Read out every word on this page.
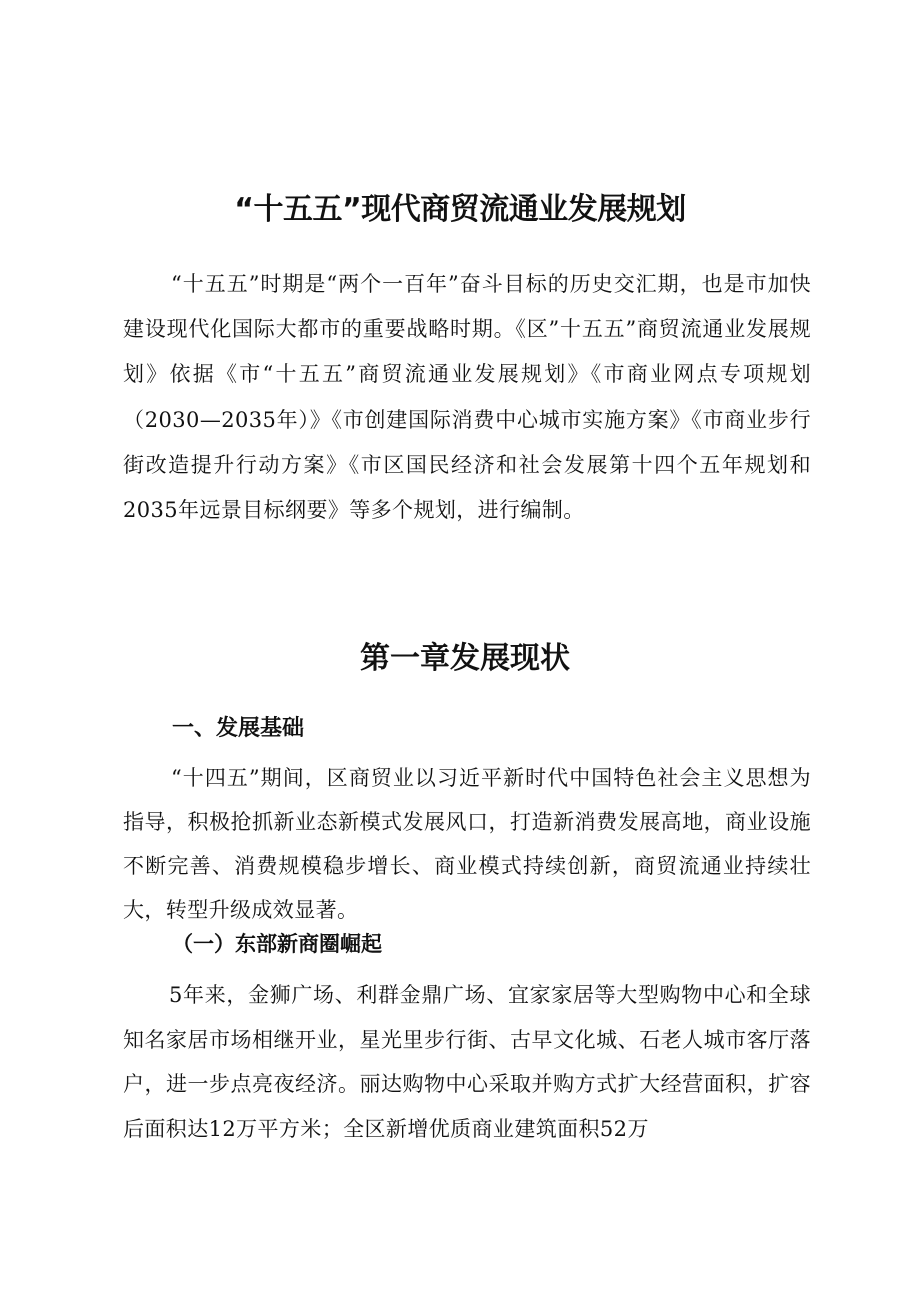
“十五五”现代商贸流通业发展规划

“十五五”时期是“两个一百年”奋斗目标的历史交汇期，也是市加快建设现代化国际大都市的重要战略时期。《区”十五五”商贸流通业发展规划》依据《市“十五五”商贸流通业发展规划》《市商业网点专项规划（2030—2035年）》《市创建国际消费中心城市实施方案》《市商业步行街改造提升行动方案》《市区国民经济和社会发展第十四个五年规划和2035年远景目标纲要》等多个规划，进行编制。

第一章发展现状
一、发展基础

“十四五”期间，区商贸业以习近平新时代中国特色社会主义思想为指导，积极抢抓新业态新模式发展风口，打造新消费发展高地，商业设施不断完善、消费规模稳步增长、商业模式持续创新，商贸流通业持续壮大，转型升级成效显著。

（一）东部新商圈崛起

5年来，金狮广场、利群金鼎广场、宜家家居等大型购物中心和全球知名家居市场相继开业，星光里步行街、古早文化城、石老人城市客厅落户，进一步点亮夜经济。丽达购物中心采取并购方式扩大经营面积，扩容后面积达12万平方米；全区新增优质商业建筑面积52万
